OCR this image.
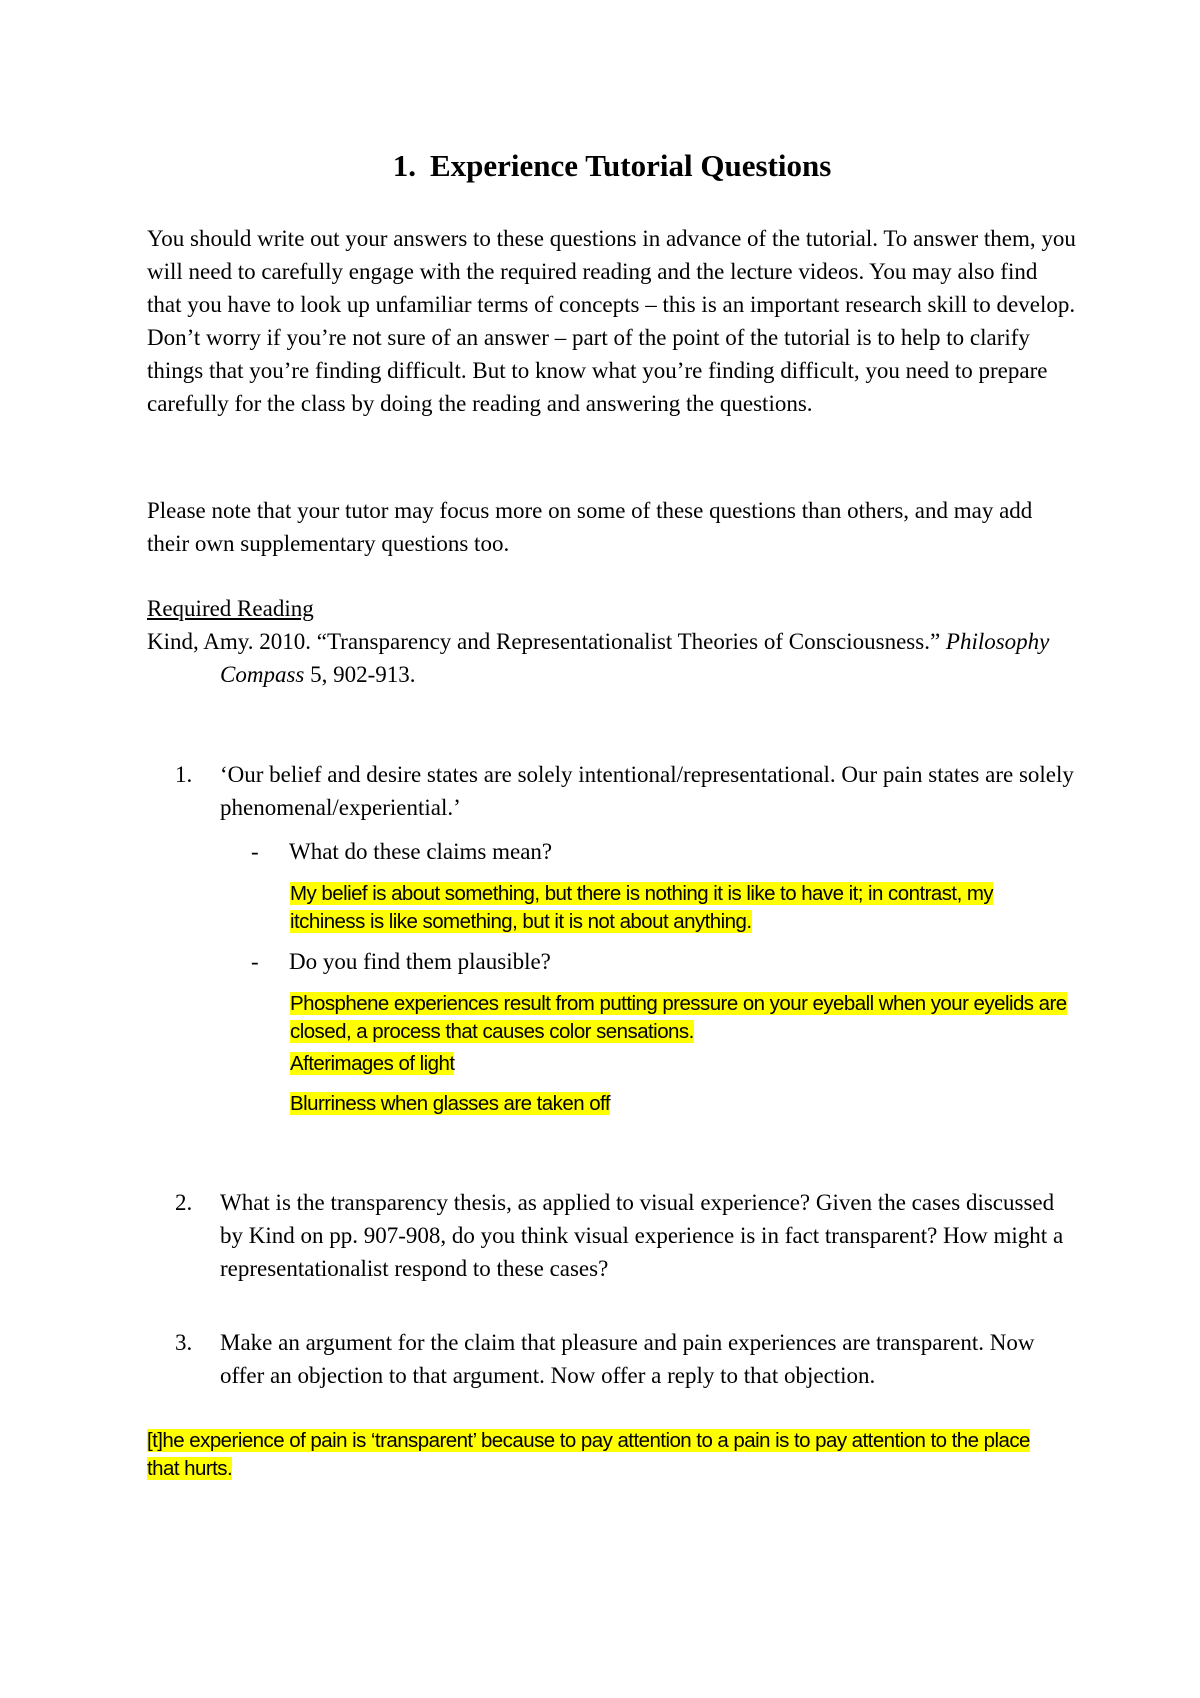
1. Experience Tutorial Questions

You should write out your answers to these questions in advance of the tutorial. To answer them, you will need to carefully engage with the required reading and the lecture videos. You may also find that you have to look up unfamiliar terms of concepts – this is an important research skill to develop. Don’t worry if you’re not sure of an answer – part of the point of the tutorial is to help to clarify things that you’re finding difficult. But to know what you’re finding difficult, you need to prepare carefully for the class by doing the reading and answering the questions.

Please note that your tutor may focus more on some of these questions than others, and may add their own supplementary questions too.

Required Reading

Kind, Amy. 2010. “Transparency and Representationalist Theories of Consciousness.” Philosophy Compass 5, 902-913.

1.	‘Our belief and desire states are solely intentional/representational. Our pain states are solely phenomenal/experiential.’
- What do these claims mean?
- Do you find them plausible?
2.	What is the transparency thesis, as applied to visual experience? Given the cases discussed by Kind on pp. 907-908, do you think visual experience is in fact transparent? How might a representationalist respond to these cases?
3.	Make an argument for the claim that pleasure and pain experiences are transparent. Now offer an objection to that argument. Now offer a reply to that objection.

My belief is about something, but there is nothing it is like to have it; in contrast, my itchiness is like something, but it is not about anything.

Phosphene experiences result from putting pressure on your eyeball when your eyelids are closed, a process that causes color sensations.

Afterimages of light

Blurriness when glasses are taken off

[t]he experience of pain is ‘transparent’ because to pay attention to a pain is to pay attention to the place that hurts.
